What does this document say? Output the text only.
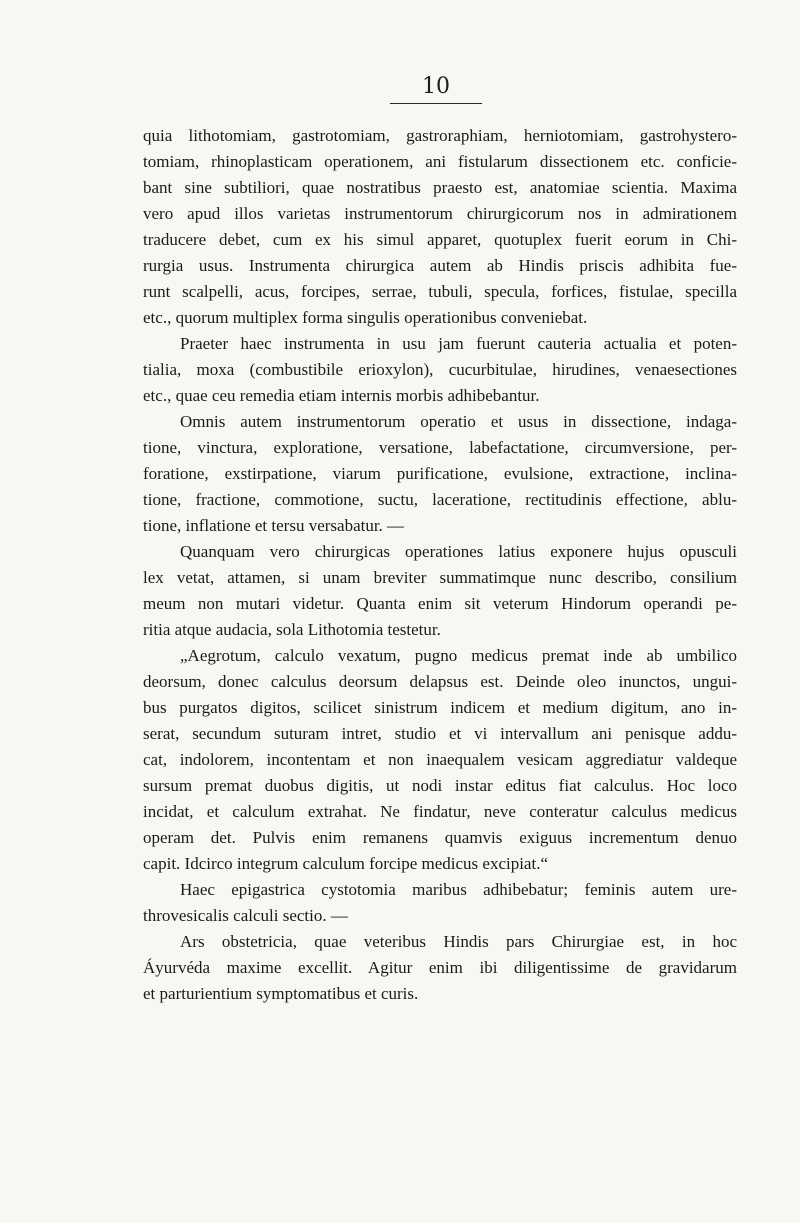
10
quia lithotomiam, gastrotomiam, gastroraphiam, herniotomiam, gastrohystero-
tomiam, rhinoplasticam operationem, ani fistularum dissectionem etc. conficie-
bant sine subtiliori, quae nostratibus praesto est, anatomiae scientia. Maxima
vero apud illos varietas instrumentorum chirurgicorum nos in admirationem
traducere debet, cum ex his simul apparet, quotuplex fuerit eorum in Chi-
rurgia usus. Instrumenta chirurgica autem ab Hindis priscis adhibita fue-
runt scalpelli, acus, forcipes, serrae, tubuli, specula, forfices, fistulae, specilla
etc., quorum multiplex forma singulis operationibus conveniebat.
Praeter haec instrumenta in usu jam fuerunt cauteria actualia et poten-
tialia, moxa (combustibile erioxylon), cucurbitulae, hirudines, venaesectiones
etc., quae ceu remedia etiam internis morbis adhibebantur.
Omnis autem instrumentorum operatio et usus in dissectione, indaga-
tione, vinctura, exploratione, versatione, labefactatione, circumversione, per-
foratione, exstirpatione, viarum purificatione, evulsione, extractione, inclina-
tione, fractione, commotione, suctu, laceratione, rectitudinis effectione, ablu-
tione, inflatione et tersu versabatur. —
Quanquam vero chirurgicas operationes latius exponere hujus opusculi
lex vetat, attamen, si unam breviter summatimque nunc describo, consilium
meum non mutari videtur. Quanta enim sit veterum Hindorum operandi pe-
ritia atque audacia, sola Lithotomia testetur.
„Aegrotum, calculo vexatum, pugno medicus premat inde ab umbilico
deorsum, donec calculus deorsum delapsus est. Deinde oleo inunctos, ungui-
bus purgatos digitos, scilicet sinistrum indicem et medium digitum, ano in-
serat, secundum suturam intret, studio et vi intervallum ani penisque addu-
cat, indolorem, incontentam et non inaequalem vesicam aggrediatur valdeque
sursum premat duobus digitis, ut nodi instar editus fiat calculus. Hoc loco
incidat, et calculum extrahat. Ne findatur, neve conteratur calculus medicus
operam det. Pulvis enim remanens quamvis exiguus incrementum denuo
capit. Idcirco integrum calculum forcipe medicus excipiat.“
Haec epigastrica cystotomia maribus adhibebatur; feminis autem ure-
throvesicalis calculi sectio. —
Ars obstetricia, quae veteribus Hindis pars Chirurgiae est, in hoc
Áyurvéda maxime excellit. Agitur enim ibi diligentissime de gravidarum
et parturientium symptomatibus et curis.
